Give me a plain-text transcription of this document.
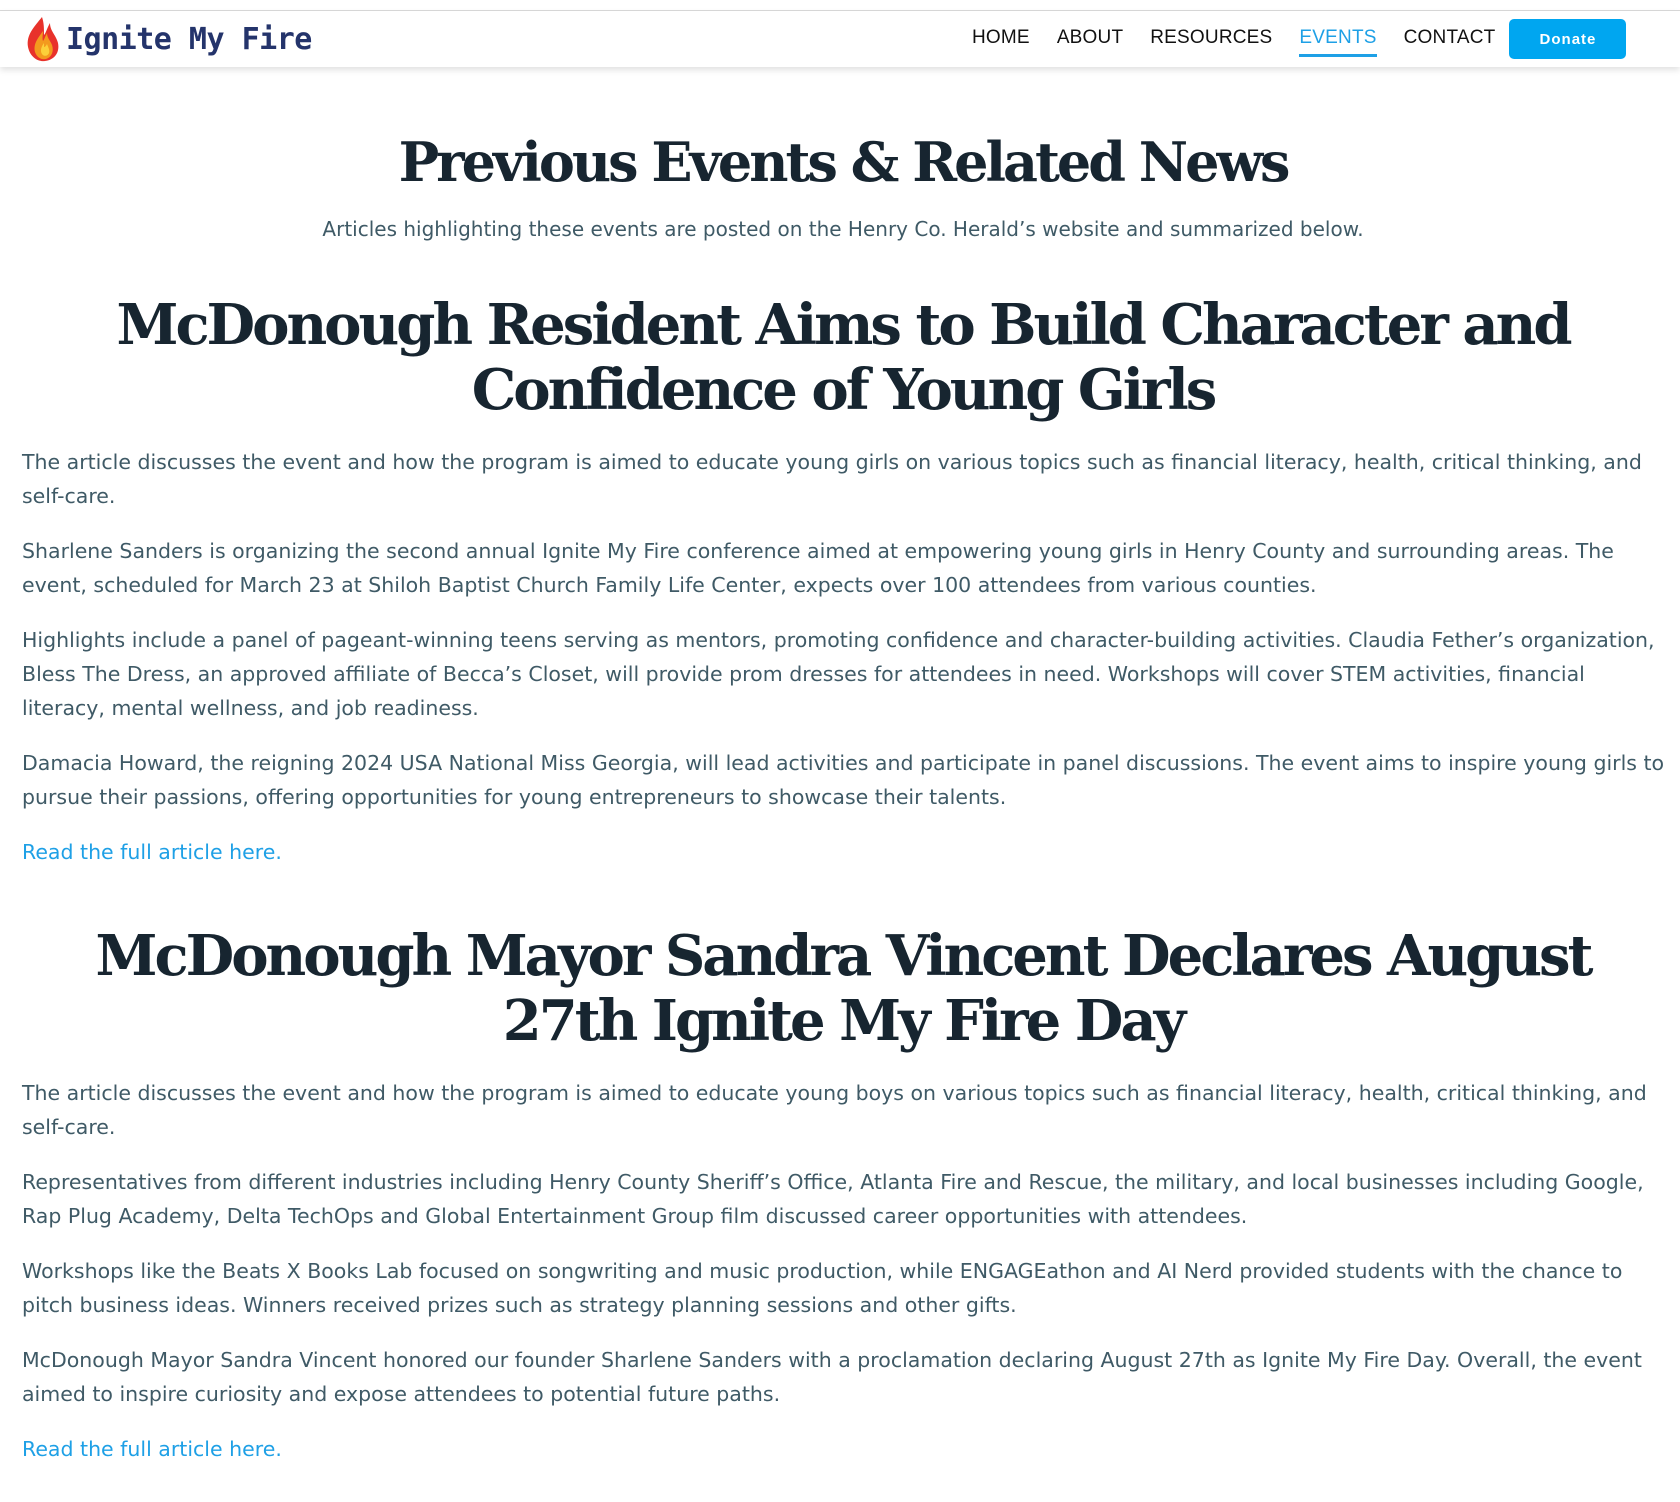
Ignite My Fire	HOME ABOUT RESOURCES EVENTS CONTACT	Donate
Previous Events & Related News

Articles highlighting these events are posted on the Henry Co. Herald’s website and summarized below.

McDonough Resident Aims to Build Character and Confidence of Young Girls

The article discusses the event and how the program is aimed to educate young girls on various topics such as financial literacy, health, critical thinking, and self-care.

Sharlene Sanders is organizing the second annual Ignite My Fire conference aimed at empowering young girls in Henry County and surrounding areas. The event, scheduled for March 23 at Shiloh Baptist Church Family Life Center, expects over 100 attendees from various counties.

Highlights include a panel of pageant-winning teens serving as mentors, promoting confidence and character-building activities. Claudia Fether’s organization, Bless The Dress, an approved affiliate of Becca’s Closet, will provide prom dresses for attendees in need. Workshops will cover STEM activities, financial literacy, mental wellness, and job readiness.

Damacia Howard, the reigning 2024 USA National Miss Georgia, will lead activities and participate in panel discussions. The event aims to inspire young girls to pursue their passions, offering opportunities for young entrepreneurs to showcase their talents.

Read the full article here.
McDonough Mayor Sandra Vincent Declares August 27th Ignite My Fire Day

The article discusses the event and how the program is aimed to educate young boys on various topics such as financial literacy, health, critical thinking, and self-care.

Representatives from different industries including Henry County Sheriff’s Office, Atlanta Fire and Rescue, the military, and local businesses including Google, Rap Plug Academy, Delta TechOps and Global Entertainment Group film discussed career opportunities with attendees.

Workshops like the Beats X Books Lab focused on songwriting and music production, while ENGAGEathon and AI Nerd provided students with the chance to pitch business ideas. Winners received prizes such as strategy planning sessions and other gifts.

McDonough Mayor Sandra Vincent honored our founder Sharlene Sanders with a proclamation declaring August 27th as Ignite My Fire Day. Overall, the event aimed to inspire curiosity and expose attendees to potential future paths.

Read the full article here.
